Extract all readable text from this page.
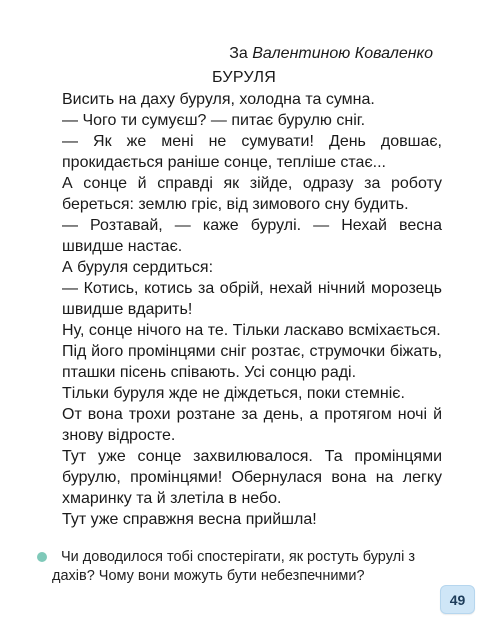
За Валентиною Коваленко
БУРУЛЯ
Висить на даху буруля, холодна та сумна.
— Чого ти сумуєш? — питає бурулю сніг.
— Як же мені не сумувати! День довшає,
прокидається раніше сонце, тепліше стає...
А сонце й справді як зійде, одразу за роботу
береться: землю гріє, від зимового сну будить.
— Розтавай, — каже бурулі. — Нехай весна
швидше настає.
А буруля сердиться:
— Котись, котись за обрій, нехай нічний морозець
швидше вдарить!
Ну, сонце нічого на те. Тільки ласкаво всміхається.
Під його промінцями сніг розтає, струмочки біжать,
пташки пісень співають. Усі сонцю раді.
Тільки буруля жде не діждеться, поки стемніє.
От вона трохи розтане за день, а протягом ночі й
знову відросте.
Тут уже сонце захвилювалося. Та промінцями
бурулю, промінцями! Обернулася вона на легку
хмаринку та й злетіла в небо.
Тут уже справжня весна прийшла!
Чи доводилося тобі спостерігати, як ростуть бурулі з
дахів? Чому вони можуть бути небезпечними?
49
